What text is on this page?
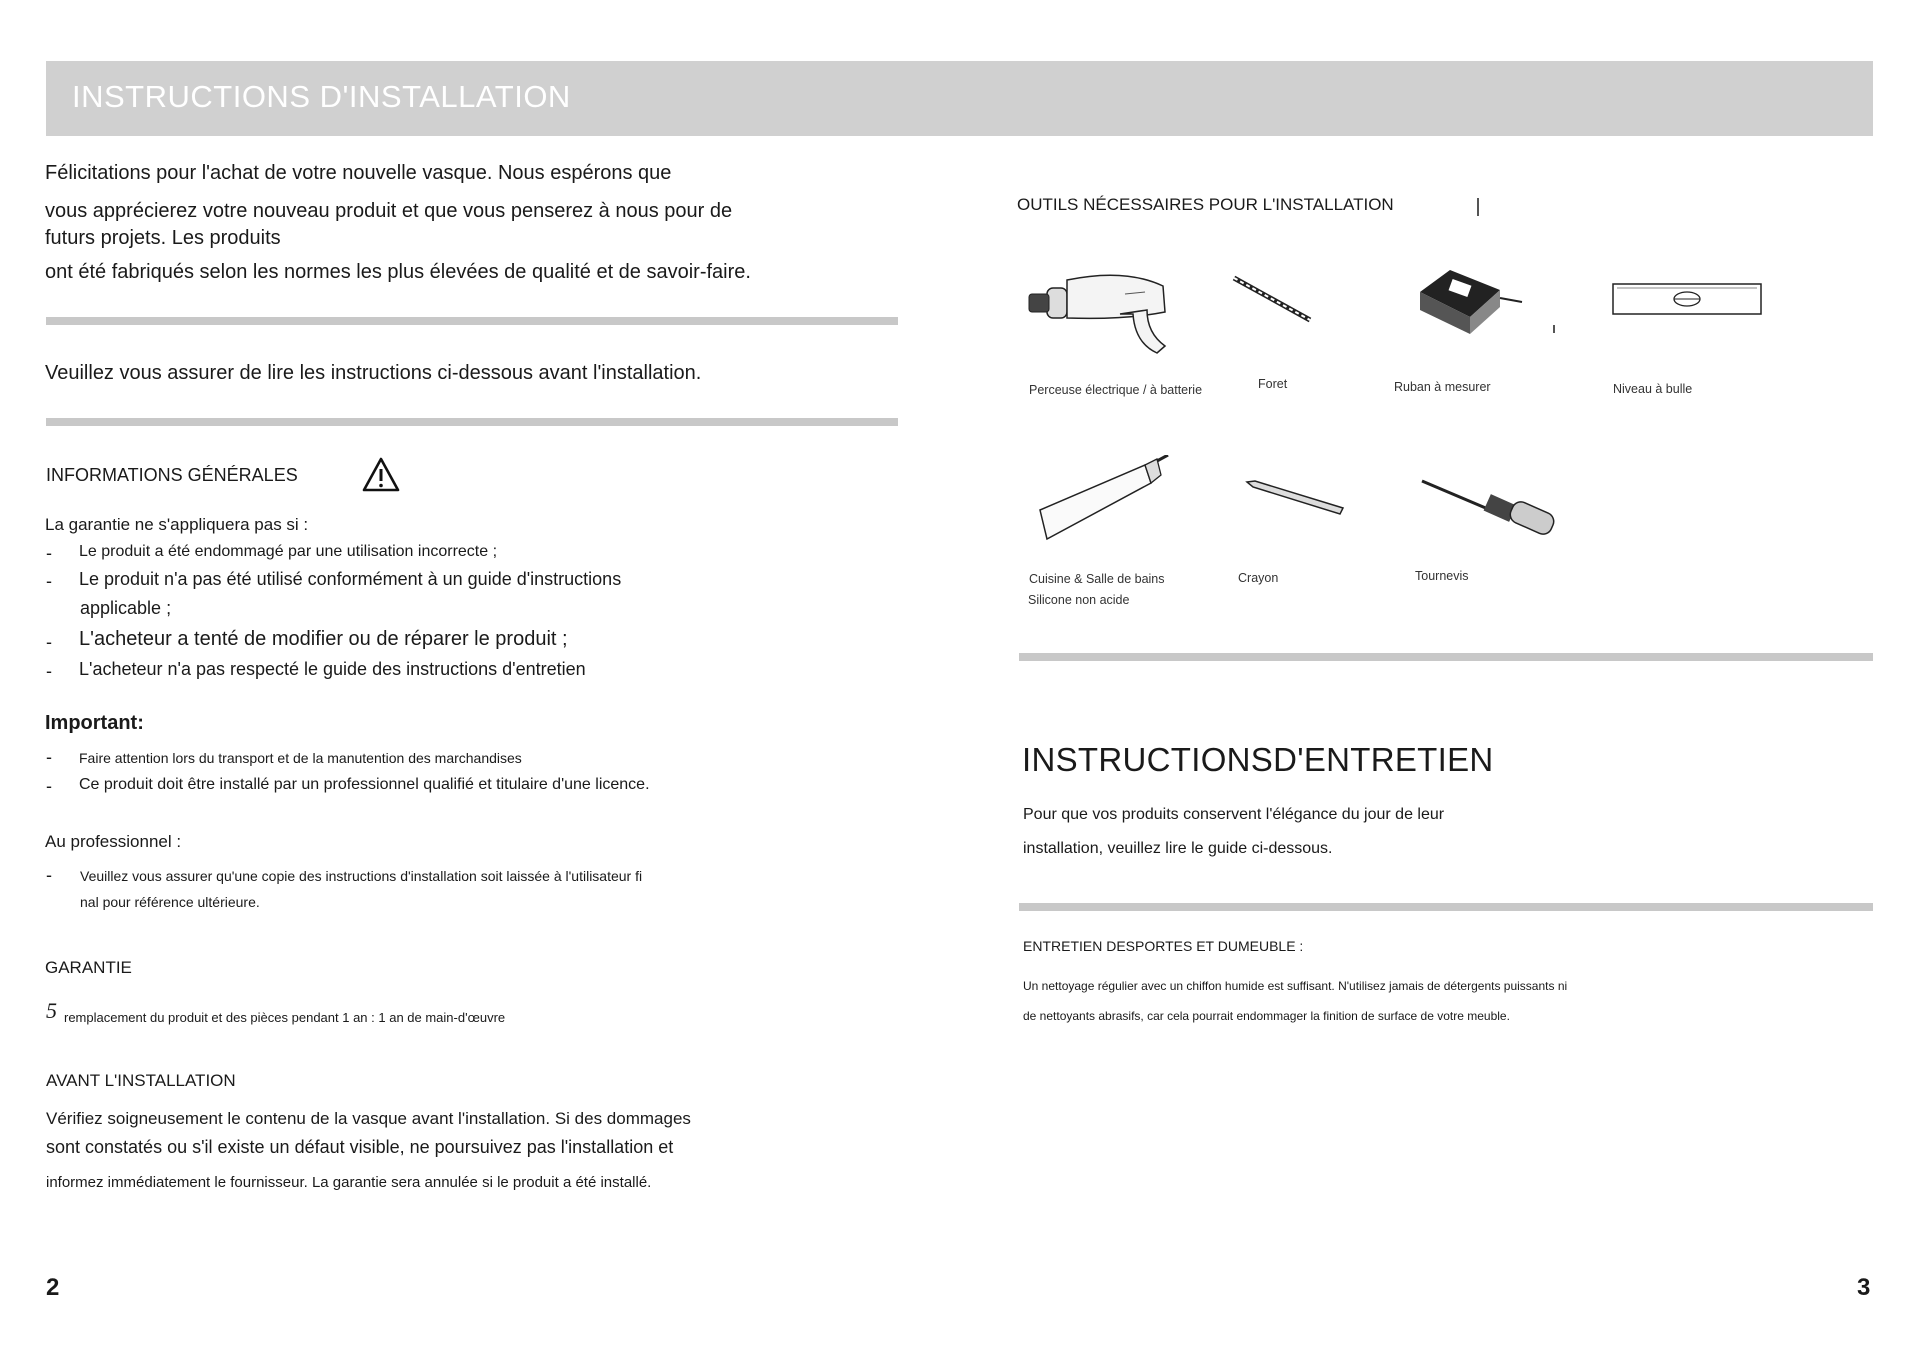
INSTRUCTIONS D'INSTALLATION
Félicitations pour l'achat de votre nouvelle vasque. Nous espérons que
vous apprécierez votre nouveau produit et que vous penserez à nous pour de
futurs projets. Les produits
ont été fabriqués selon les normes les plus élevées de qualité et de savoir-faire.
Veuillez vous assurer de lire les instructions ci-dessous avant l'installation.
INFORMATIONS GÉNÉRALES
La garantie ne s'appliquera pas si :
- Le produit a été endommagé par une utilisation incorrecte ;
- Le produit n'a pas été utilisé conformément à un guide d'instructions
applicable ;
- L'acheteur a tenté de modifier ou de réparer le produit ;
- L'acheteur n'a pas respecté le guide des instructions d'entretien
Important:
- Faire attention lors du transport et de la manutention des marchandises
- Ce produit doit être installé par un professionnel qualifié et titulaire d'une licence.
Au professionnel :
- Veuillez vous assurer qu'une copie des instructions d'installation soit laissée à l'utilisateur fi
nal pour référence ultérieure.
GARANTIE
5 remplacement du produit et des pièces pendant 1 an : 1 an de main-d'œuvre
AVANT L'INSTALLATION
Vérifiez soigneusement le contenu de la vasque avant l'installation. Si des dommages
sont constatés ou s'il existe un défaut visible, ne poursuivez pas l'installation et
informez immédiatement le fournisseur. La garantie sera annulée si le produit a été installé.
2
OUTILS NÉCESSAIRES POUR L'INSTALLATION
Perceuse électrique / à batterie	Foret	Ruban à mesurer	Niveau à bulle
Cuisine & Salle de bains
Silicone non acide
Crayon	Tournevis
INSTRUCTIONSD'ENTRETIEN
Pour que vos produits conservent l'élégance du jour de leur
installation, veuillez lire le guide ci-dessous.
ENTRETIEN DESPORTES ET DUMEUBLE :
Un nettoyage régulier avec un chiffon humide est suffisant. N'utilisez jamais de détergents puissants ni
de nettoyants abrasifs, car cela pourrait endommager la finition de surface de votre meuble.
3
